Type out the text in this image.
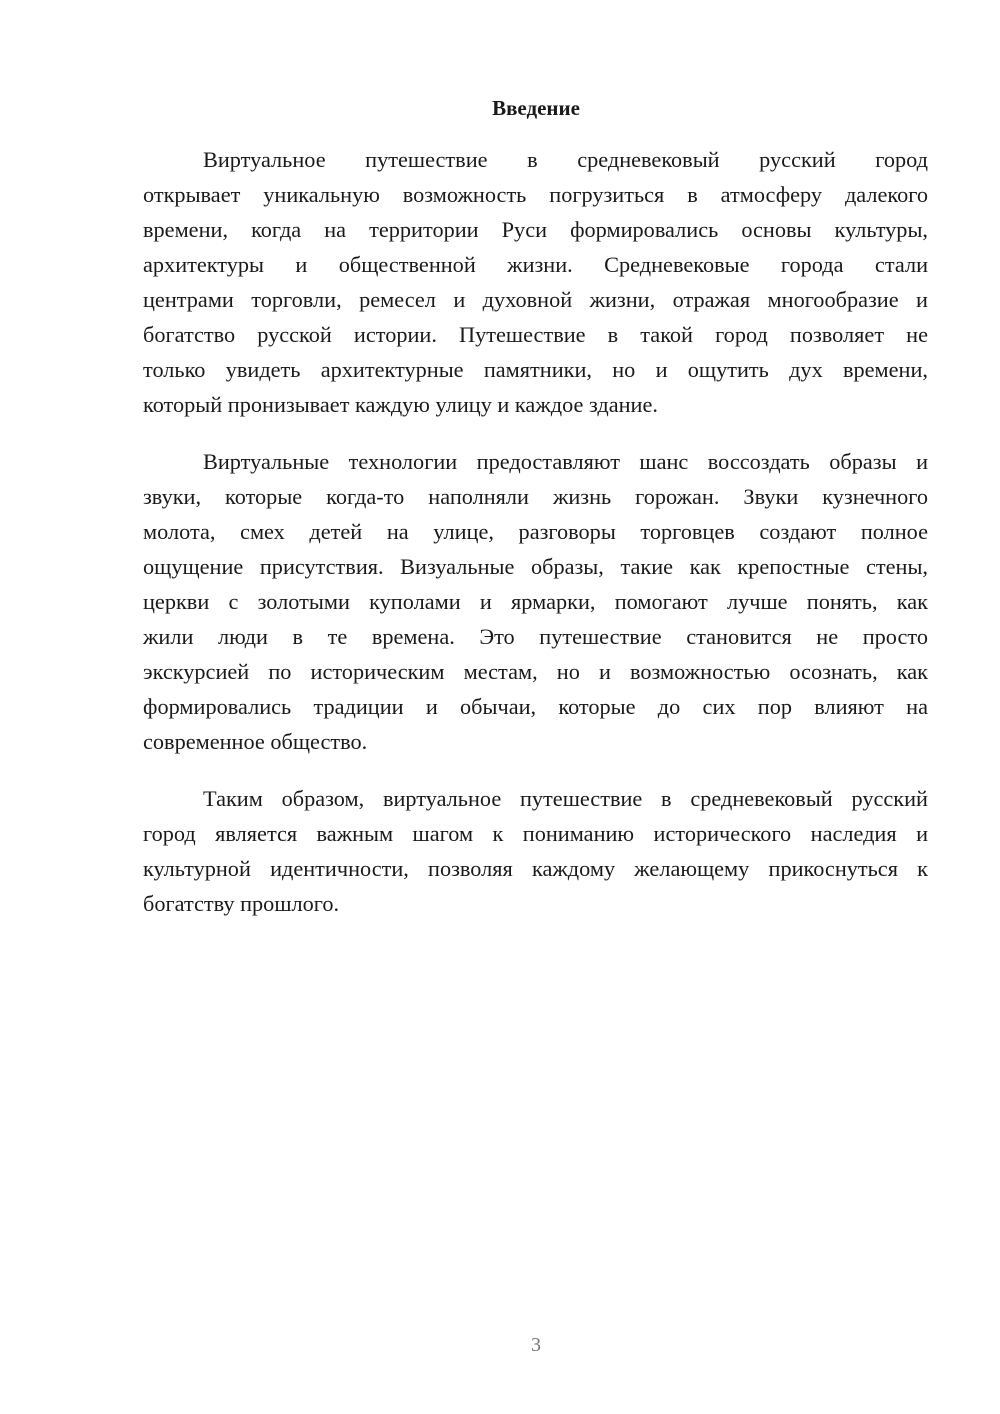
Введение
Виртуальное путешествие в средневековый русский город
открывает уникальную возможность погрузиться в атмосферу далекого
времени, когда на территории Руси формировались основы культуры,
архитектуры и общественной жизни. Средневековые города стали
центрами торговли, ремесел и духовной жизни, отражая многообразие и
богатство русской истории. Путешествие в такой город позволяет не
только увидеть архитектурные памятники, но и ощутить дух времени,
который пронизывает каждую улицу и каждое здание.
Виртуальные технологии предоставляют шанс воссоздать образы и
звуки, которые когда-то наполняли жизнь горожан. Звуки кузнечного
молота, смех детей на улице, разговоры торговцев создают полное
ощущение присутствия. Визуальные образы, такие как крепостные стены,
церкви с золотыми куполами и ярмарки, помогают лучше понять, как
жили люди в те времена. Это путешествие становится не просто
экскурсией по историческим местам, но и возможностью осознать, как
формировались традиции и обычаи, которые до сих пор влияют на
современное общество.
Таким образом, виртуальное путешествие в средневековый русский
город является важным шагом к пониманию исторического наследия и
культурной идентичности, позволяя каждому желающему прикоснуться к
богатству прошлого.
3
